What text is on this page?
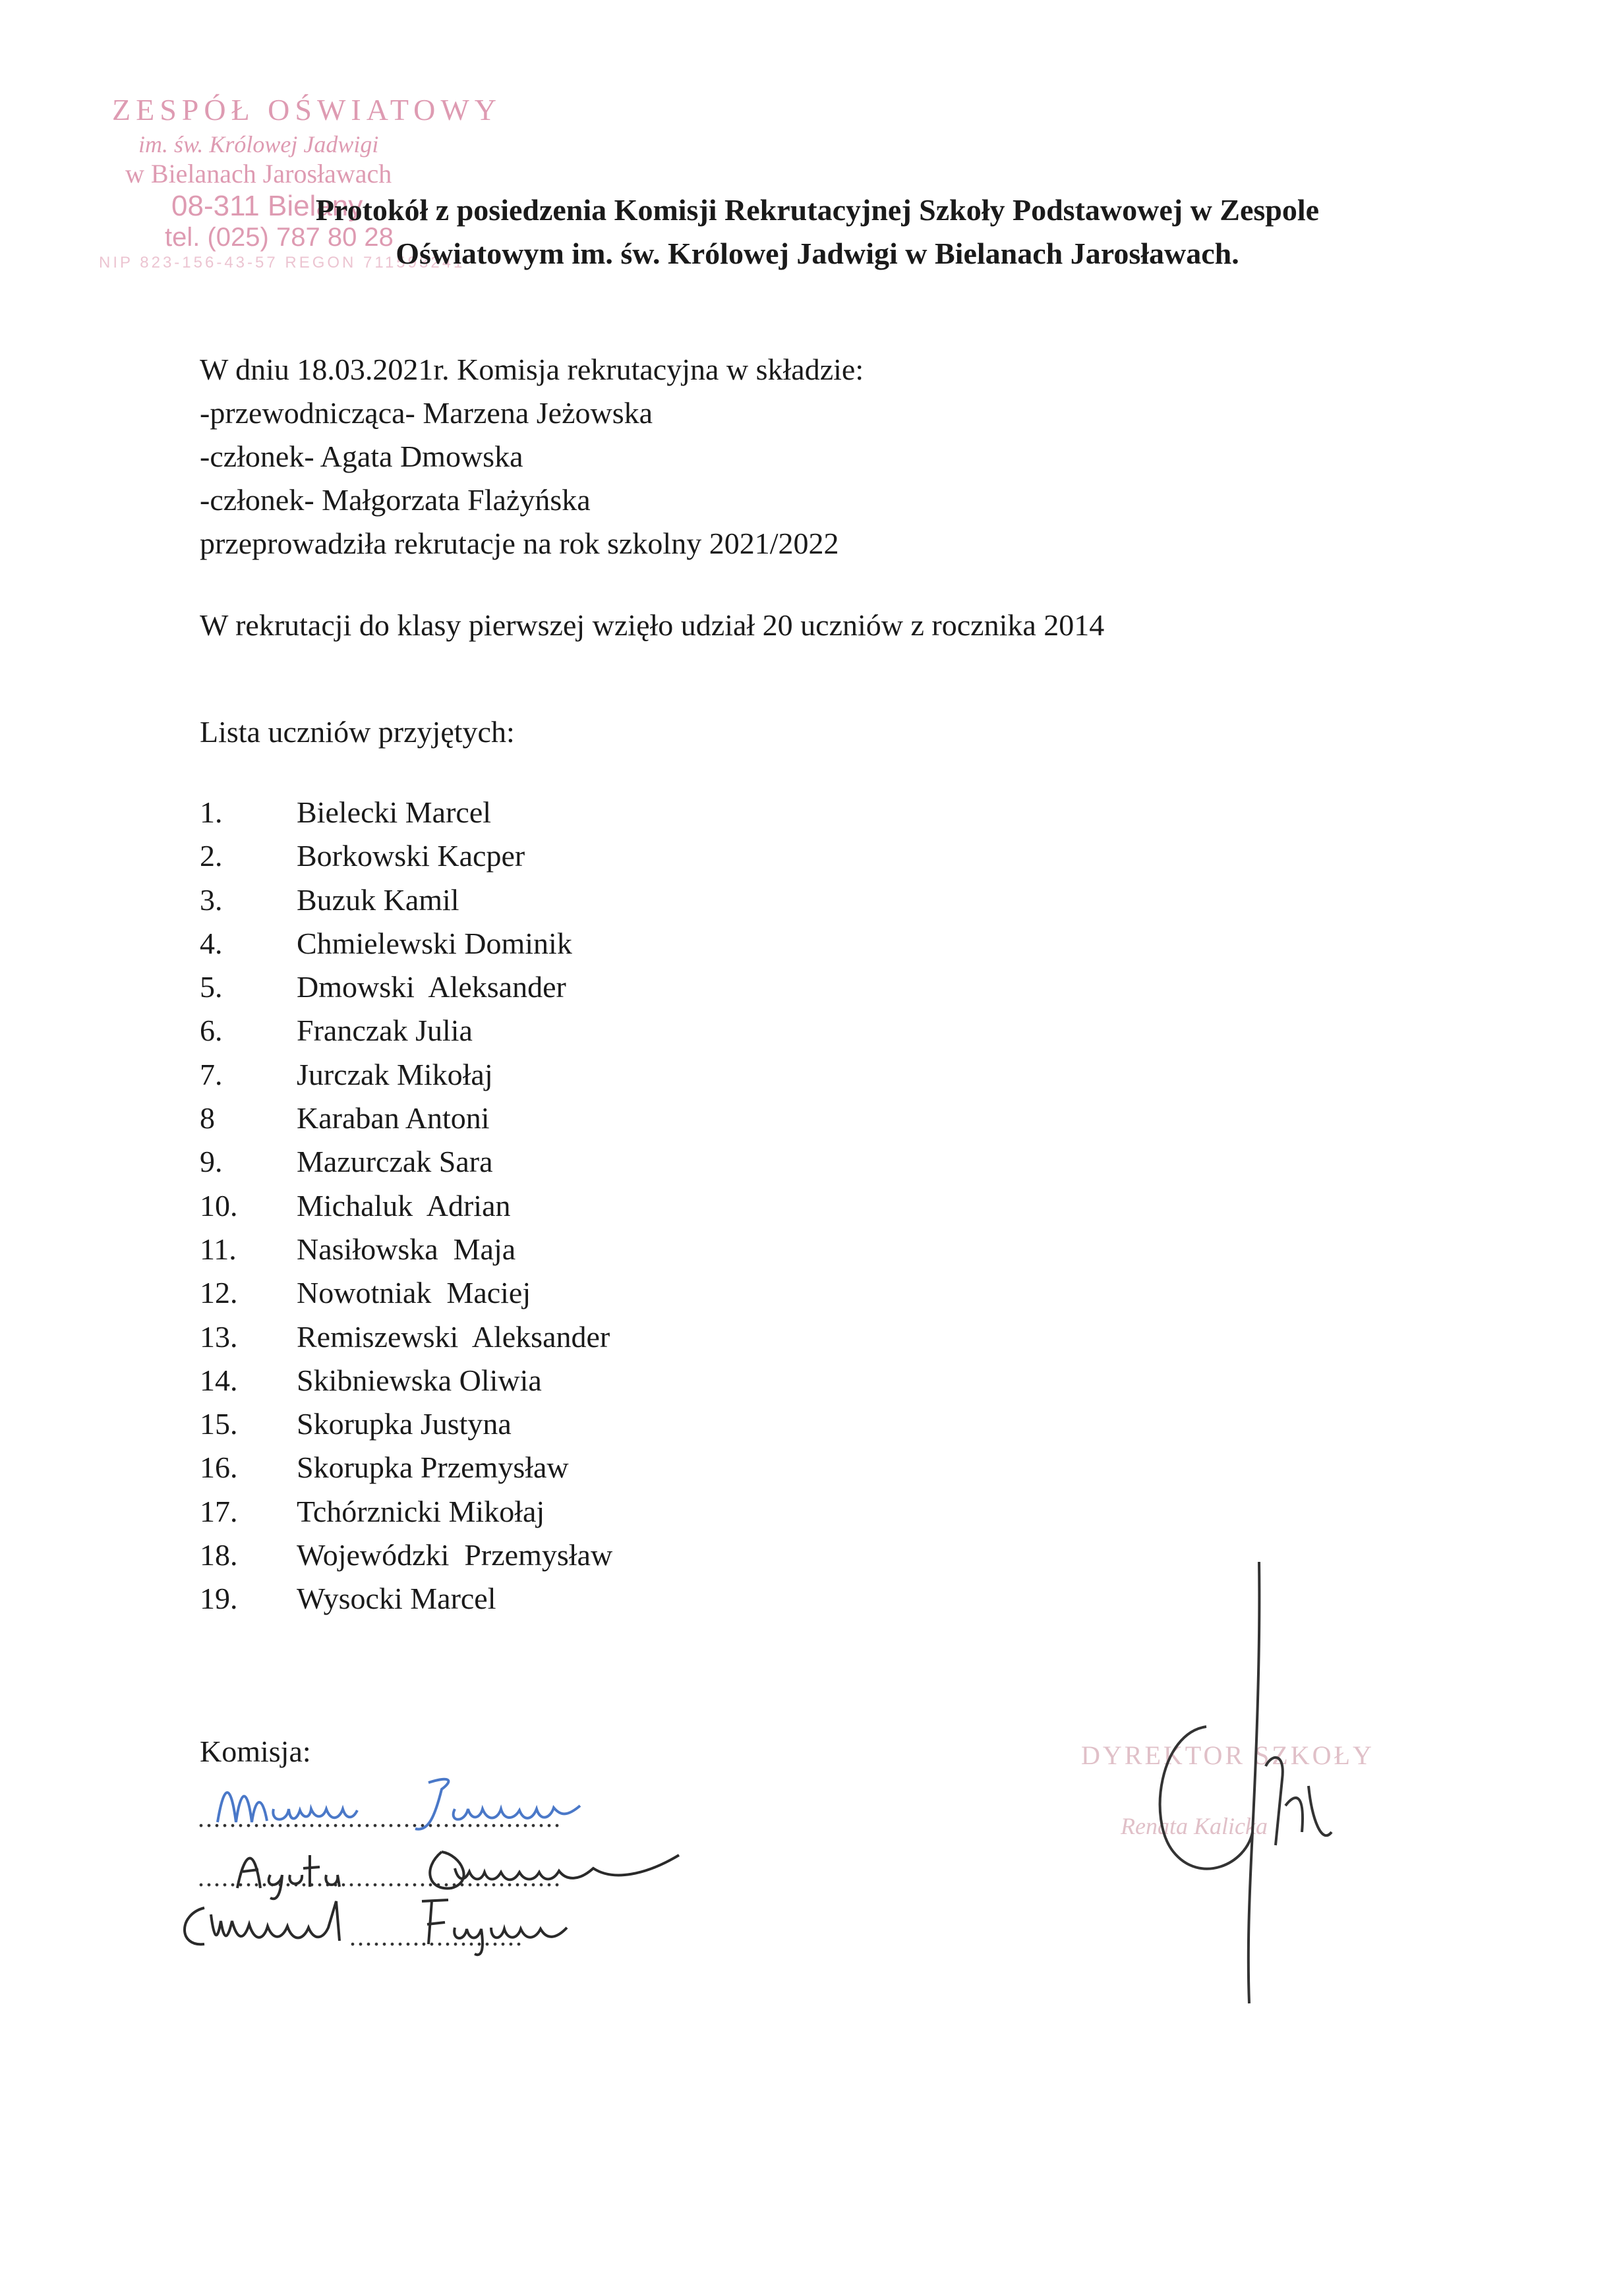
ZESPÓŁ OŚWIATOWY
im. św. Królowej Jadwigi
w Bielanach Jarosławach
08-311 Bielany
tel. (025) 787 80 28
NIP 823-156-43-57 REGON 711593241
Protokół z posiedzenia Komisji Rekrutacyjnej Szkoły Podstawowej w Zespole
Oświatowym im. św. Królowej Jadwigi w Bielanach Jarosławach.
W dniu 18.03.2021r. Komisja rekrutacyjna w składzie:
-przewodnicząca- Marzena Jeżowska
-członek- Agata Dmowska
-członek- Małgorzata Flażyńska
przeprowadziła rekrutacje na rok szkolny 2021/2022
W rekrutacji do klasy pierwszej wzięło udział 20 uczniów z rocznika 2014
Lista uczniów przyjętych:
1. Bielecki Marcel
2. Borkowski Kacper
3. Buzuk Kamil
4. Chmielewski Dominik
5. Dmowski  Aleksander
6. Franczak Julia
7. Jurczak Mikołaj
8	Karaban Antoni
9. Mazurczak Sara
10. Michaluk  Adrian
11. Nasiłowska  Maja
12. Nowotniak  Maciej
13. Remiszewski  Aleksander
14. Skibniewska Oliwia
15. Skorupka Justyna
16. Skorupka Przemysław
17. Tchórznicki Mikołaj
18. Wojewódzki  Przemysław
19. Wysocki Marcel
Komisja:
..............................................
..............................................
......................
DYREKTOR SZKOŁY
Renata Kalicka
